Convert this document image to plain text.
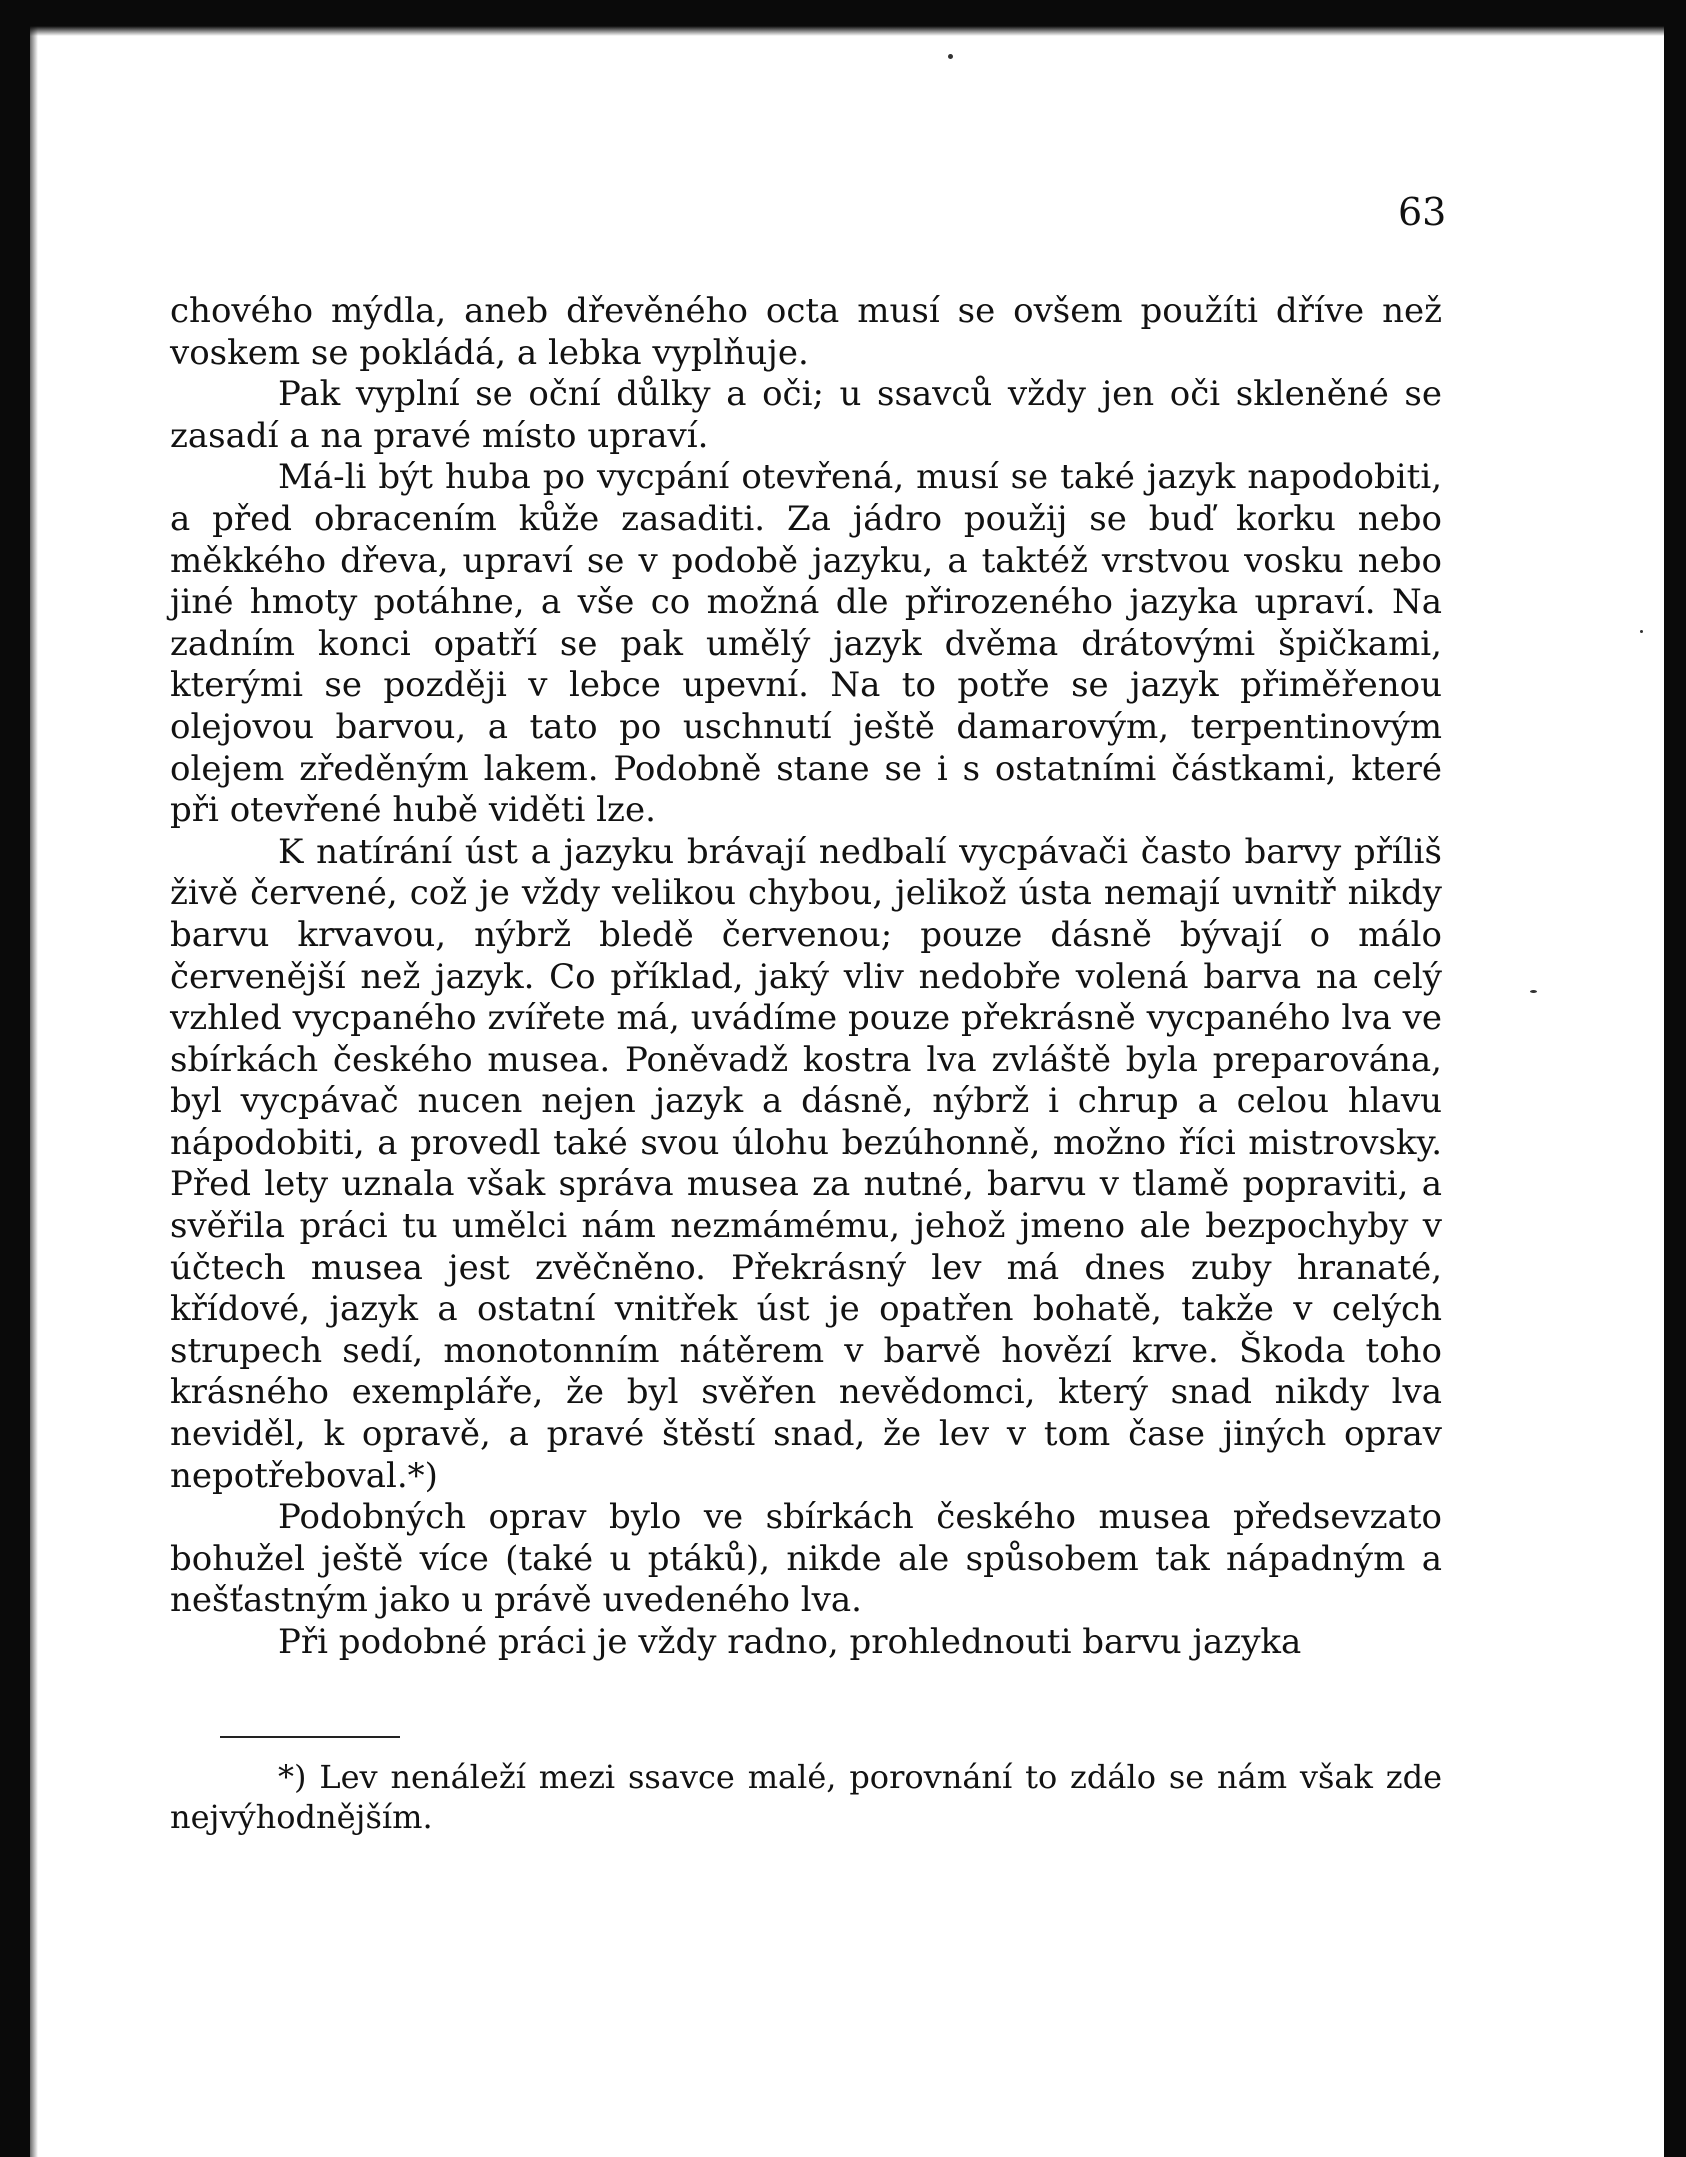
63

chového mýdla, aneb dřevěného octa musí se ovšem použíti dříve než voskem se pokládá, a lebka vyplňuje.

Pak vyplní se oční důlky a oči; u ssavců vždy jen oči skleněné se zasadí a na pravé místo upraví.

Má-li být huba po vycpání otevřená, musí se také jazyk napodobiti, a před obracením kůže zasaditi. Za jádro použij se buď korku nebo měkkého dřeva, upraví se v podobě jazyku, a taktéž vrstvou vosku nebo jiné hmoty potáhne, a vše co možná dle přirozeného jazyka upraví. Na zadním konci opatří se pak umělý jazyk dvěma drátovými špičkami, kterými se později v lebce upevní. Na to potře se jazyk přiměřenou olejovou barvou, a tato po uschnutí ještě damarovým, terpentinovým olejem zředěným lakem. Podobně stane se i s ostatními částkami, které při otevřené hubě viděti lze.

K natírání úst a jazyku brávají nedbalí vycpávači často barvy příliš živě červené, což je vždy velikou chybou, jelikož ústa nemají uvnitř nikdy barvu krvavou, nýbrž bledě červenou; pouze dásně bývají o málo červenější než jazyk. Co příklad, jaký vliv nedobře volená barva na celý vzhled vycpaného zvířete má, uvádíme pouze překrásně vycpaného lva ve sbírkách českého musea. Poněvadž kostra lva zvláště byla preparována, byl vycpávač nucen nejen jazyk a dásně, nýbrž i chrup a celou hlavu nápodobiti, a provedl také svou úlohu bezúhonně, možno říci mistrovsky. Před lety uznala však správa musea za nutné, barvu v tlamě popraviti, a svěřila práci tu umělci nám nezmámému, jehož jmeno ale bezpochyby v účtech musea jest zvěčněno. Překrásný lev má dnes zuby hranaté, křídové, jazyk a ostatní vnitřek úst je opatřen bohatě, takže v celých strupech sedí, monotonním nátěrem v barvě hovězí krve. Škoda toho krásného exempláře, že byl svěřen nevědomci, který snad nikdy lva neviděl, k opravě, a pravé štěstí snad, že lev v tom čase jiných oprav nepotřeboval.*)

Podobných oprav bylo ve sbírkách českého musea předsevzato bohužel ještě více (také u ptáků), nikde ale spůsobem tak nápadným a nešťastným jako u právě uvedeného lva.

Při podobné práci je vždy radno, prohlednouti barvu jazyka

*) Lev nenáleží mezi ssavce malé, porovnání to zdálo se nám však zde nejvýhodnějším.
